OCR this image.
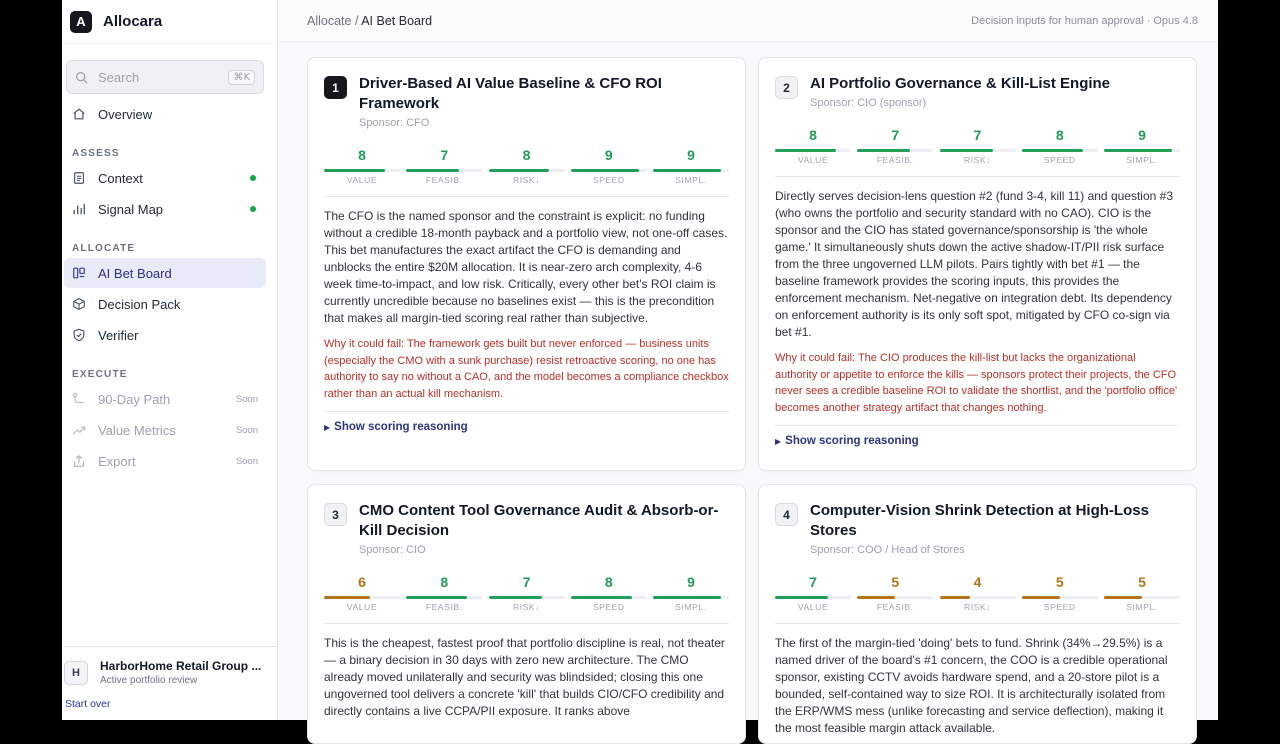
A	Allocara
Search
⌘K
Overview
ASSESS
Context
Signal Map
ALLOCATE
AI Bet Board
Decision Pack
Verifier
EXECUTE
90-Day Path	Soon
Value Metrics	Soon
Export	Soon
H	HarborHome Retail Group ...
Active portfolio review
Start over
Allocate / AI Bet Board	Decision inputs for human approval · Opus 4.8
1	Driver-Based AI Value Baseline & CFO ROI Framework
Sponsor: CFO
8
VALUE
7
FEASIB.
8
RISK↓
9
SPEED
9
SIMPL.
The CFO is the named sponsor and the constraint is explicit: no funding without a credible 18-month payback and a portfolio view, not one-off cases. This bet manufactures the exact artifact the CFO is demanding and unblocks the entire $20M allocation. It is near-zero arch complexity, 4-6 week time-to-impact, and low risk. Critically, every other bet's ROI claim is currently uncredible because no baselines exist — this is the precondition that makes all margin-tied scoring real rather than subjective.
Why it could fail: The framework gets built but never enforced — business units (especially the CMO with a sunk purchase) resist retroactive scoring, no one has authority to say no without a CAO, and the model becomes a compliance checkbox rather than an actual kill mechanism.
▶ Show scoring reasoning
2	AI Portfolio Governance & Kill-List Engine
Sponsor: CIO (sponsor)
8
VALUE
7
FEASIB.
7
RISK↓
8
SPEED
9
SIMPL.
Directly serves decision-lens question #2 (fund 3-4, kill 11) and question #3 (who owns the portfolio and security standard with no CAO). CIO is the sponsor and the CIO has stated governance/sponsorship is 'the whole game.' It simultaneously shuts down the active shadow-IT/PII risk surface from the three ungoverned LLM pilots. Pairs tightly with bet #1 — the baseline framework provides the scoring inputs, this provides the enforcement mechanism. Net-negative on integration debt. Its dependency on enforcement authority is its only soft spot, mitigated by CFO co-sign via bet #1.
Why it could fail: The CIO produces the kill-list but lacks the organizational authority or appetite to enforce the kills — sponsors protect their projects, the CFO never sees a credible baseline ROI to validate the shortlist, and the 'portfolio office' becomes another strategy artifact that changes nothing.
▶ Show scoring reasoning
3	CMO Content Tool Governance Audit & Absorb-or-Kill Decision
Sponsor: CIO
6
VALUE
8
FEASIB.
7
RISK↓
8
SPEED
9
SIMPL.
This is the cheapest, fastest proof that portfolio discipline is real, not theater — a binary decision in 30 days with zero new architecture. The CMO already moved unilaterally and security was blindsided; closing this one ungoverned tool delivers a concrete 'kill' that builds CIO/CFO credibility and directly contains a live CCPA/PII exposure. It ranks above
4	Computer-Vision Shrink Detection at High-Loss Stores
Sponsor: COO / Head of Stores
7
VALUE
5
FEASIB.
4
RISK↓
5
SPEED
5
SIMPL.
The first of the margin-tied 'doing' bets to fund. Shrink (34%→29.5%) is a named driver of the board's #1 concern, the COO is a credible operational sponsor, existing CCTV avoids hardware spend, and a 20-store pilot is a bounded, self-contained way to size ROI. It is architecturally isolated from the ERP/WMS mess (unlike forecasting and service deflection), making it the most feasible margin attack available.
